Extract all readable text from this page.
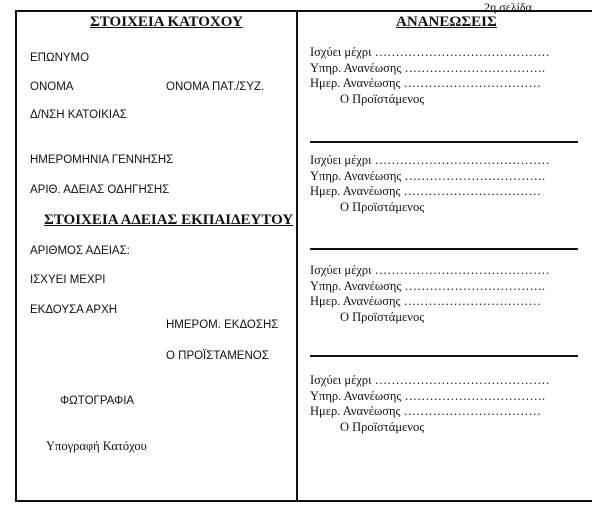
2η σελίδα
ΣΤΟΙΧΕΙΑ ΚΑΤΟΧΟΥ
ΕΠΩΝΥΜΟ
ΟΝΟΜΑ	ΟΝΟΜΑ ΠΑΤ./ΣΥΖ.
Δ/ΝΣΗ ΚΑΤΟΙΚΙΑΣ
ΗΜΕΡΟΜΗΝΙΑ ΓΕΝΝΗΣΗΣ
ΑΡΙΘ. ΑΔΕΙΑΣ ΟΔΗΓΗΣΗΣ
ΣΤΟΙΧΕΙΑ ΑΔΕΙΑΣ ΕΚΠΑΙΔΕΥΤΟΥ
ΑΡΙΘΜΟΣ ΑΔΕΙΑΣ:
ΙΣΧΥΕΙ ΜΕΧΡΙ
ΕΚΔΟΥΣΑ ΑΡΧΗ
ΗΜΕΡΟΜ. ΕΚΔΟΣΗΣ
Ο ΠΡΟΪΣΤΑΜΕΝΟΣ
ΦΩΤΟΓΡΑΦΙΑ
Υπογραφή Κατόχου
ΑΝΑΝΕΩΣΕΙΣ
Ισχύει μέχρι ……………………………………
Υπηρ. Ανανέωσης …………………………….
Ημερ. Ανανέωσης ……………………………
Ο Προϊστάμενος
Ισχύει μέχρι ……………………………………
Υπηρ. Ανανέωσης …………………………….
Ημερ. Ανανέωσης ……………………………
Ο Προϊστάμενος
Ισχύει μέχρι ……………………………………
Υπηρ. Ανανέωσης …………………………….
Ημερ. Ανανέωσης ……………………………
Ο Προϊστάμενος
Ισχύει μέχρι ……………………………………
Υπηρ. Ανανέωσης …………………………….
Ημερ. Ανανέωσης ……………………………
Ο Προϊστάμενος
